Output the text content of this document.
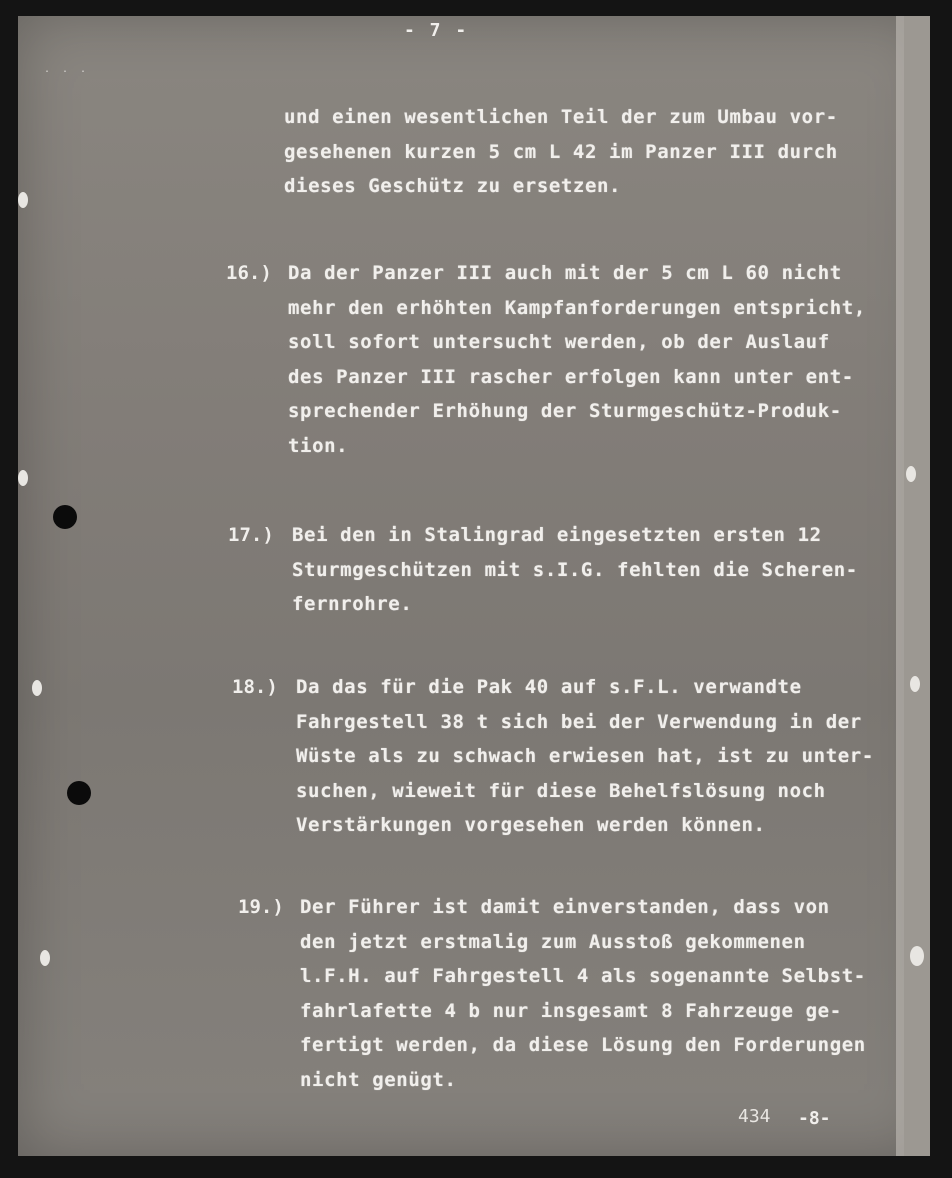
...
- 7 -
und einen wesentlichen Teil der zum Umbau vor-
gesehenen kurzen 5 cm L 42 im Panzer III durch
dieses Geschütz zu ersetzen.
16.) Da der Panzer III auch mit der 5 cm L 60 nicht
mehr den erhöhten Kampfanforderungen entspricht,
soll sofort untersucht werden, ob der Auslauf
des Panzer III rascher erfolgen kann unter ent-
sprechender Erhöhung der Sturmgeschütz-Produk-
tion.
17.) Bei den in Stalingrad eingesetzten ersten 12
Sturmgeschützen mit s.I.G. fehlten die Scheren-
fernrohre.
18.) Da das für die Pak 40 auf s.F.L. verwandte
Fahrgestell 38 t sich bei der Verwendung in der
Wüste als zu schwach erwiesen hat, ist zu unter-
suchen, wieweit für diese Behelfslösung noch
Verstärkungen vorgesehen werden können.
19.) Der Führer ist damit einverstanden, dass von
den jetzt erstmalig zum Ausstoß gekommenen
l.F.H. auf Fahrgestell 4 als sogenannte Selbst-
fahrlafette 4 b nur insgesamt 8 Fahrzeuge ge-
fertigt werden, da diese Lösung den Forderungen
nicht genügt.
434 -8-
